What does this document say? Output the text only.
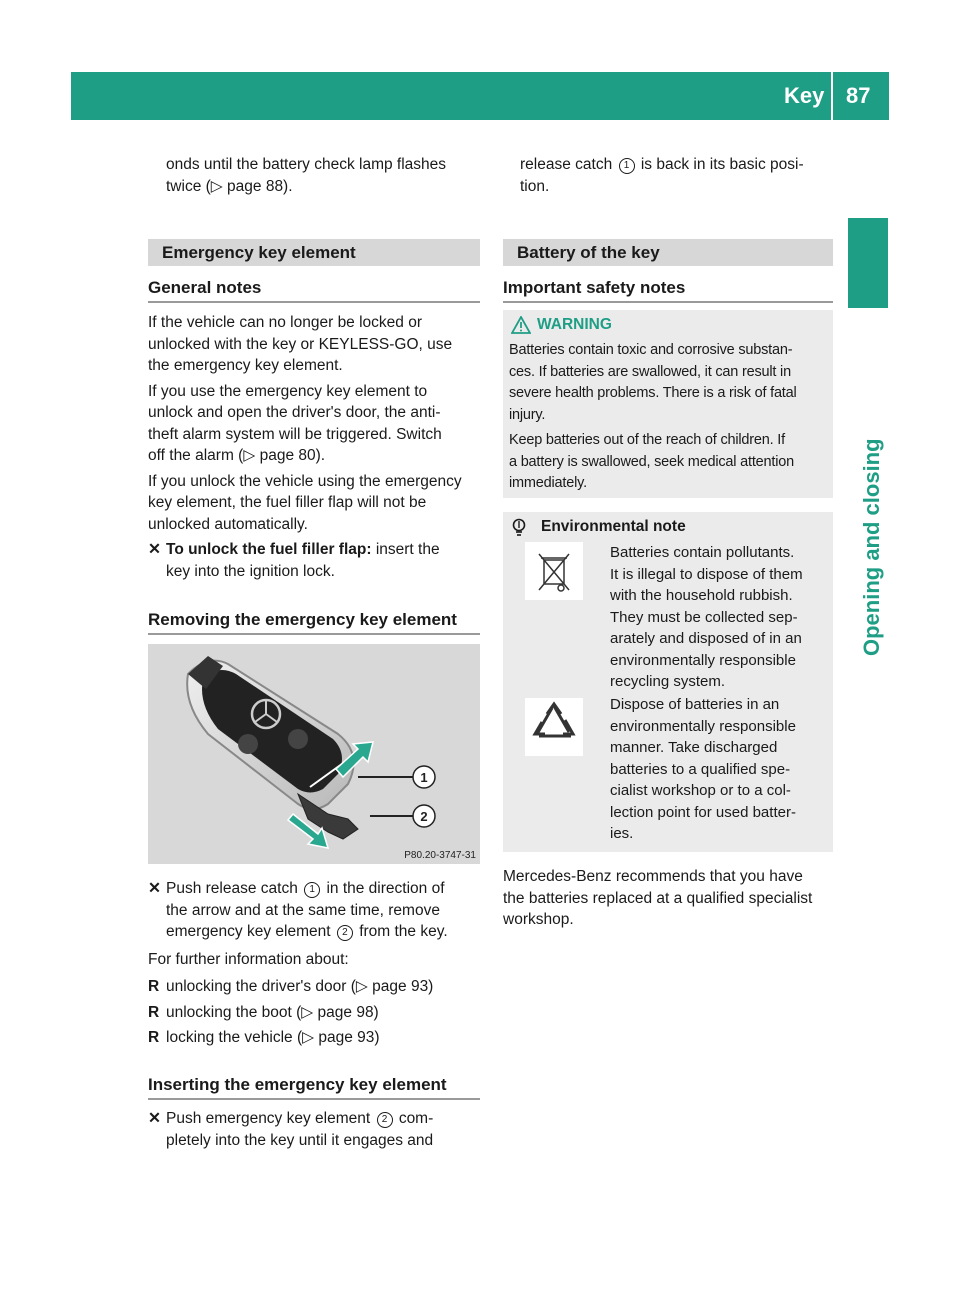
Key 87
Opening and closing

onds until the battery check lamp flashes

twice (▷ page 88).

Emergency key element
General notes

If the vehicle can no longer be locked or

unlocked with the key or KEYLESS-GO, use

the emergency key element.

If you use the emergency key element to

unlock and open the driver's door, the anti-

theft alarm system will be triggered. Switch

off the alarm (▷ page 80).

If you unlock the vehicle using the emergency

key element, the fuel filler flap will not be

unlocked automatically.

✕ To unlock the fuel filler flap: insert the

key into the ignition lock.

Removing the emergency key element
1
2
P80.20-3747-31

✕ Push release catch 1 in the direction of

the arrow and at the same time, remove

emergency key element 2 from the key.

For further information about:

R unlocking the driver's door (▷ page 93)

R unlocking the boot (▷ page 98)

R locking the vehicle (▷ page 93)

Inserting the emergency key element

✕ Push emergency key element 2 com-

pletely into the key until it engages and

release catch 1 is back in its basic posi-

tion.

Battery of the key
Important safety notes
WARNING

Batteries contain toxic and corrosive substan-

ces. If batteries are swallowed, it can result in

severe health problems. There is a risk of fatal

injury.

Keep batteries out of the reach of children. If

a battery is swallowed, seek medical attention

immediately.

Environmental note

Batteries contain pollutants.

It is illegal to dispose of them

with the household rubbish.

They must be collected sep-

arately and disposed of in an

environmentally responsible

recycling system.

Dispose of batteries in an

environmentally responsible

manner. Take discharged

batteries to a qualified spe-

cialist workshop or to a col-

lection point for used batter-

ies.

Mercedes-Benz recommends that you have

the batteries replaced at a qualified specialist

workshop.
